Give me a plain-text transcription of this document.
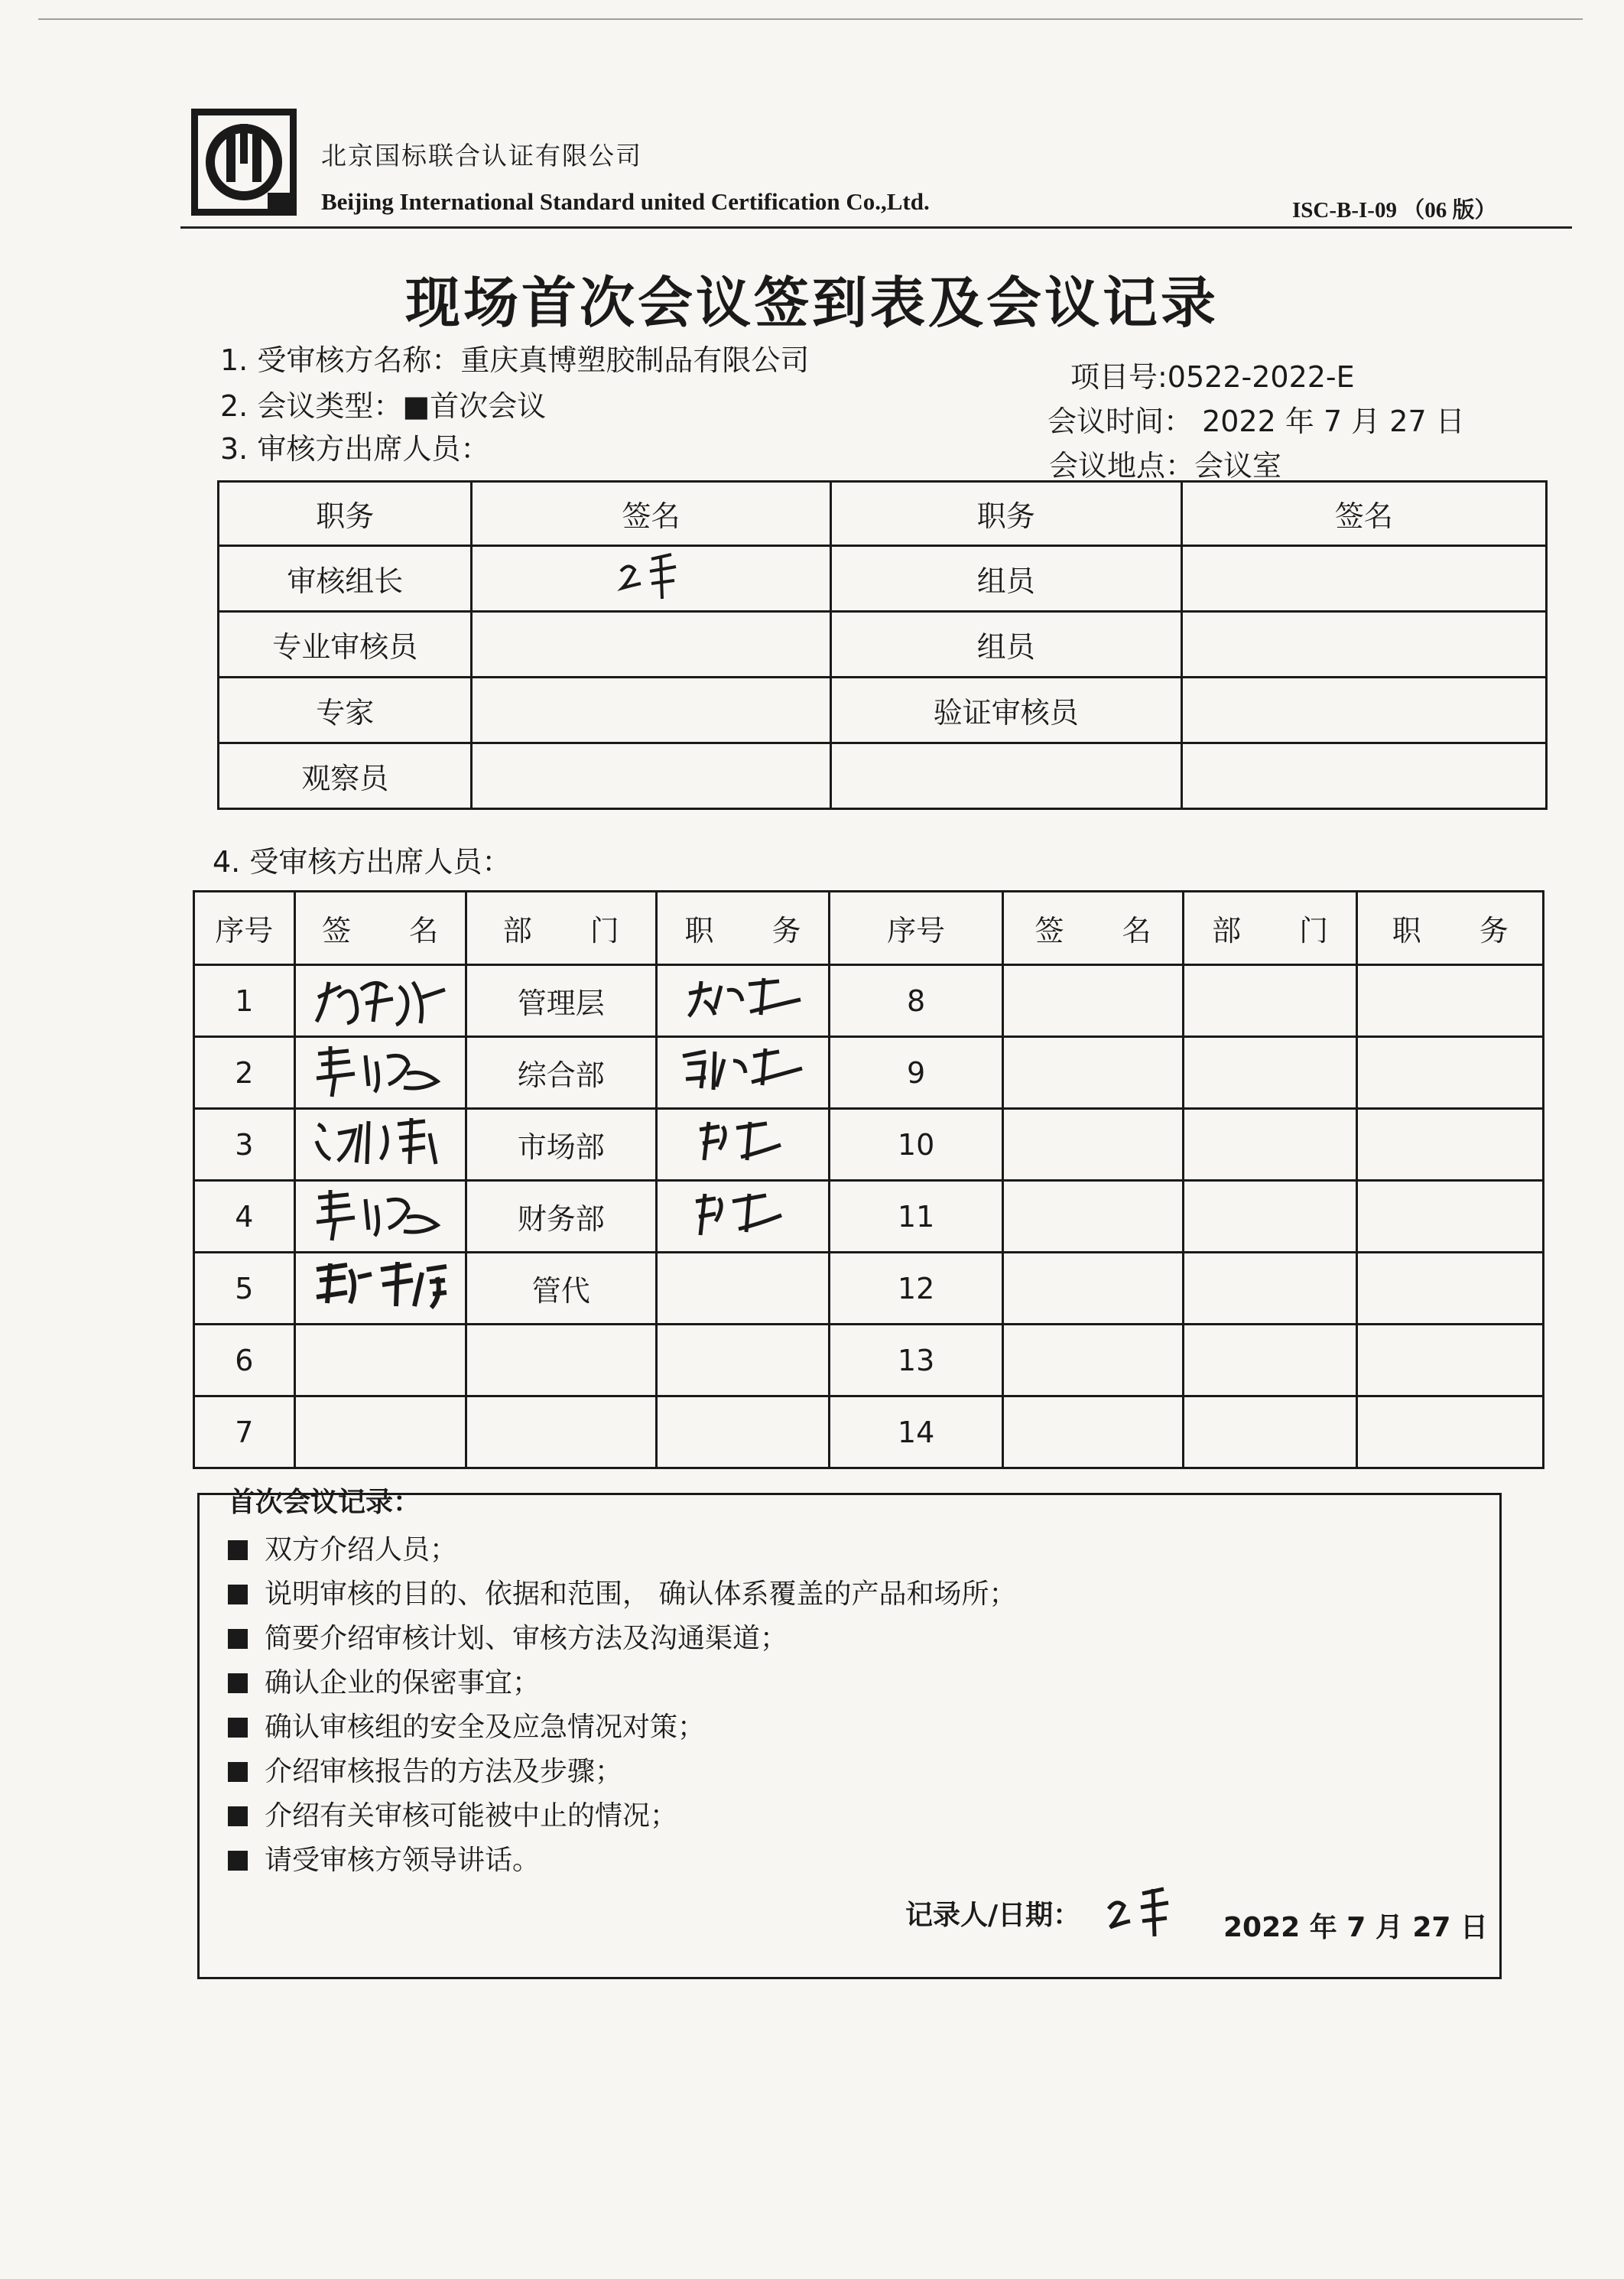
北京国标联合认证有限公司
Beijing International Standard united Certification Co.,Ltd.	ISC-B-I-09 （06 版）
现场首次会议签到表及会议记录
1. 受审核方名称：重庆真博塑胶制品有限公司
2. 会议类型：■首次会议
3. 审核方出席人员：
项目号:0522-2022-E
会议时间： 2022 年 7 月 27 日
会议地点：会议室
职务	签名	职务	签名
审核组长		组员	
专业审核员		组员	
专家		验证审核员	
观察员			
4. 受审核方出席人员：
序号	签　　名	部　　门	职　　务	序号	签　　名	部　　门	职　　务
1		管理层		8			
2		综合部		9			
3		市场部		10			
4		财务部		11			
5		管代		12			
6				13			
7				14			
首次会议记录：
双方介绍人员；
说明审核的目的、依据和范围， 确认体系覆盖的产品和场所；
简要介绍审核计划、审核方法及沟通渠道；
确认企业的保密事宜；
确认审核组的安全及应急情况对策；
介绍审核报告的方法及步骤；
介绍有关审核可能被中止的情况；
请受审核方领导讲话。
记录人/日期：	2022 年 7 月 27 日
